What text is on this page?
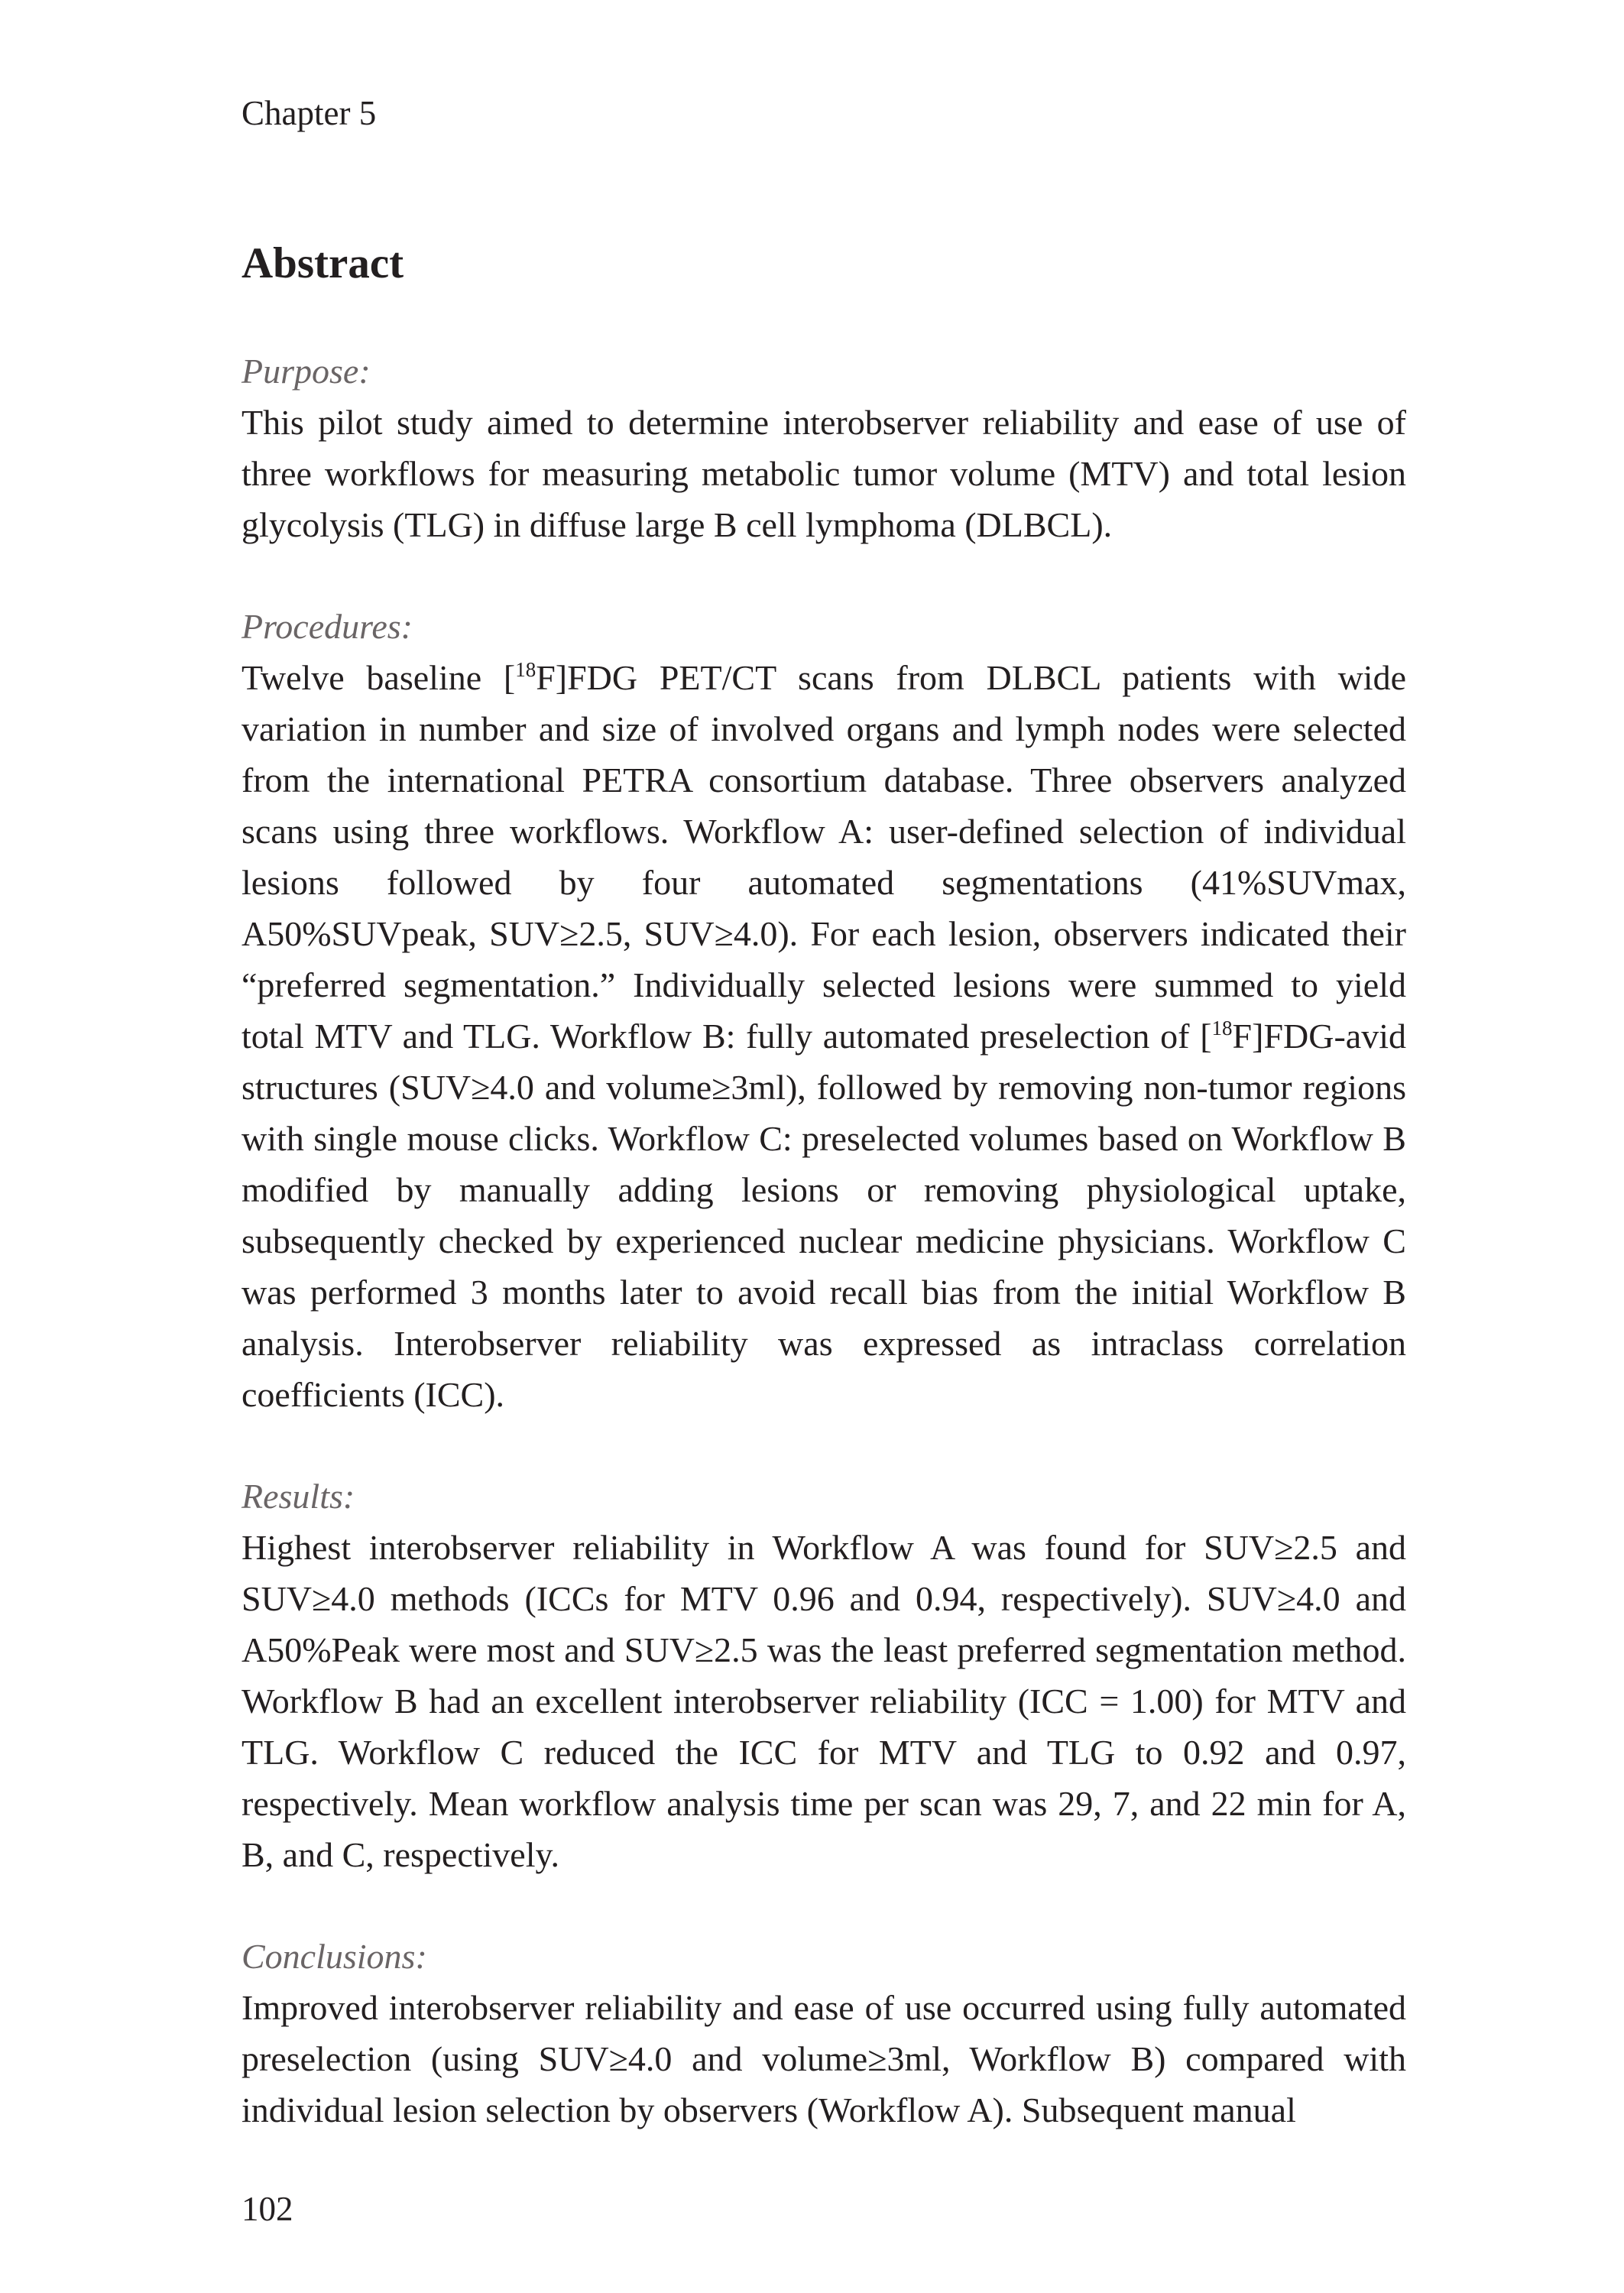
Chapter 5
Abstract

Purpose:

This pilot study aimed to determine interobserver reliability and ease of use of three workflows for measuring metabolic tumor volume (MTV) and total lesion glycolysis (TLG) in diffuse large B cell lymphoma (DLBCL).

Procedures:

Twelve baseline [$^{18}$F]FDG PET/CT scans from DLBCL patients with wide variation in number and size of involved organs and lymph nodes were selected from the international PETRA consortium database. Three observers analyzed scans using three workflows. Workflow A: user-defined selection of individual lesions followed by four automated segmentations (41%SUVmax, A50%SUVpeak, SUV≥2.5, SUV≥4.0). For each lesion, observers indicated their “preferred segmentation.” Individually selected lesions were summed to yield total MTV and TLG. Workflow B: fully automated preselection of [$^{18}$F]FDG-avid structures (SUV≥4.0 and volume≥3ml), followed by removing non-tumor regions with single mouse clicks. Workflow C: preselected volumes based on Workflow B modified by manually adding lesions or removing physiological uptake, subsequently checked by experienced nuclear medicine physicians. Workflow C was performed 3 months later to avoid recall bias from the initial Workflow B analysis. Interobserver reliability was expressed as intraclass correlation coefficients (ICC).

Results:

Highest interobserver reliability in Workflow A was found for SUV≥2.5 and SUV≥4.0 methods (ICCs for MTV 0.96 and 0.94, respectively). SUV≥4.0 and A50%Peak were most and SUV≥2.5 was the least preferred segmentation method. Workflow B had an excellent interobserver reliability (ICC = 1.00) for MTV and TLG. Workflow C reduced the ICC for MTV and TLG to 0.92 and 0.97, respectively. Mean workflow analysis time per scan was 29, 7, and 22 min for A, B, and C, respectively.

Conclusions:

Improved interobserver reliability and ease of use occurred using fully automated preselection (using SUV≥4.0 and volume≥3ml, Workflow B) compared with individual lesion selection by observers (Workflow A). Subsequent manual

102
